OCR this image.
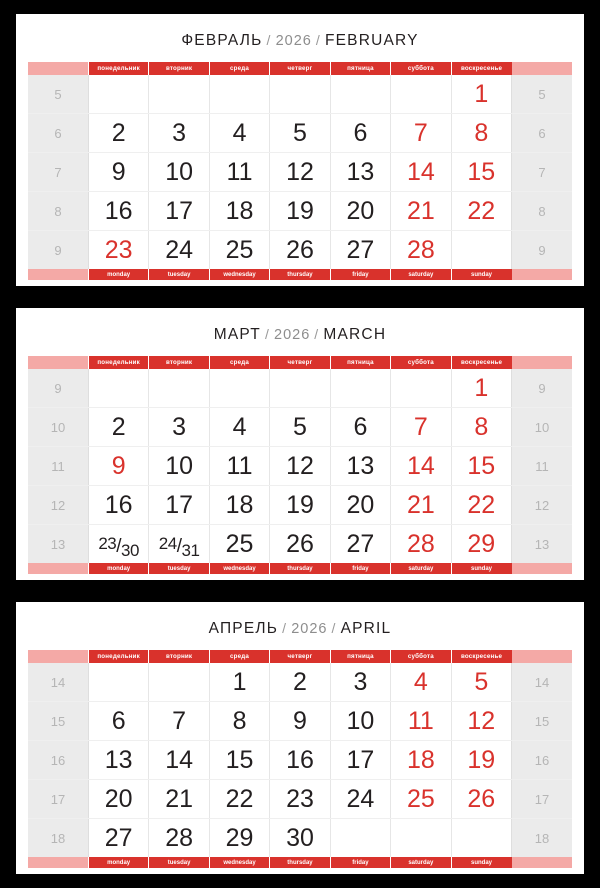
ФЕВРАЛЬ / 2026 / FEBRUARY
	понедельник	вторник	среда	четверг	пятница	суббота	воскресенье	
5							1	5
6	2	3	4	5	6	7	8	6
7	9	10	11	12	13	14	15	7
8	16	17	18	19	20	21	22	8
9	23	24	25	26	27	28		9
	monday	tuesday	wednesday	thursday	friday	saturday	sunday	
МАРТ / 2026 / MARCH
	понедельник	вторник	среда	четверг	пятница	суббота	воскресенье	
9							1	9
10	2	3	4	5	6	7	8	10
11	9	10	11	12	13	14	15	11
12	16	17	18	19	20	21	22	12
13	$^{23}/_{30}$	$^{24}/_{31}$	25	26	27	28	29	13
	monday	tuesday	wednesday	thursday	friday	saturday	sunday	
АПРЕЛЬ / 2026 / APRIL
	понедельник	вторник	среда	четверг	пятница	суббота	воскресенье	
14			1	2	3	4	5	14
15	6	7	8	9	10	11	12	15
16	13	14	15	16	17	18	19	16
17	20	21	22	23	24	25	26	17
18	27	28	29	30				18
	monday	tuesday	wednesday	thursday	friday	saturday	sunday	
